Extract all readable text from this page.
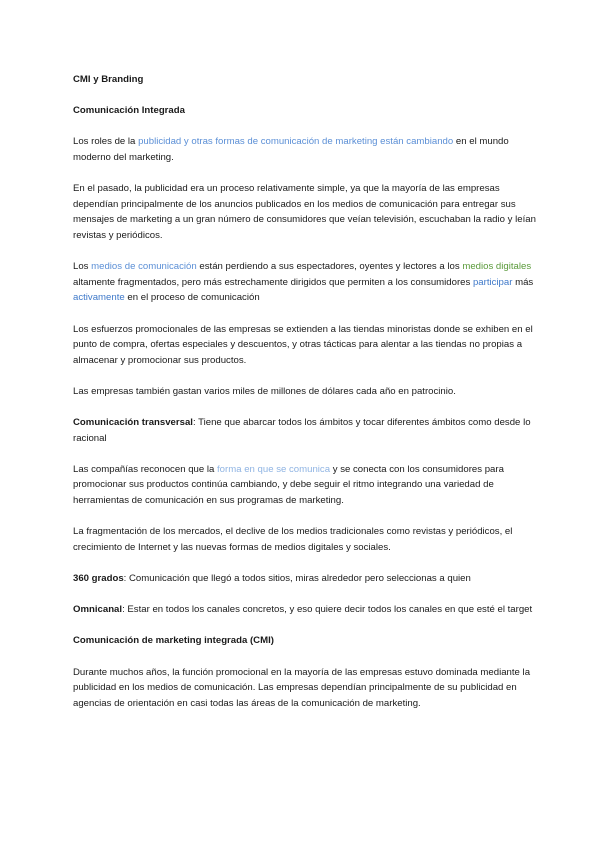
CMI y Branding

Comunicación Integrada

Los roles de la publicidad y otras formas de comunicación de marketing están cambiando en el mundo moderno del marketing.

En el pasado, la publicidad era un proceso relativamente simple, ya que la mayoría de las empresas dependían principalmente de los anuncios publicados en los medios de comunicación para entregar sus mensajes de marketing a un gran número de consumidores que veían televisión, escuchaban la radio y leían revistas y periódicos.

Los medios de comunicación están perdiendo a sus espectadores, oyentes y lectores a los medios digitales altamente fragmentados, pero más estrechamente dirigidos que permiten a los consumidores participar más activamente en el proceso de comunicación

Los esfuerzos promocionales de las empresas se extienden a las tiendas minoristas donde se exhiben en el punto de compra, ofertas especiales y descuentos, y otras tácticas para alentar a las tiendas no propias a almacenar y promocionar sus productos.

Las empresas también gastan varios miles de millones de dólares cada año en patrocinio.

Comunicación transversal: Tiene que abarcar todos los ámbitos y tocar diferentes ámbitos como desde lo racional

Las compañías reconocen que la forma en que se comunica y se conecta con los consumidores para promocionar sus productos continúa cambiando, y debe seguir el ritmo integrando una variedad de herramientas de comunicación en sus programas de marketing.

La fragmentación de los mercados, el declive de los medios tradicionales como revistas y periódicos, el crecimiento de Internet y las nuevas formas de medios digitales y sociales.

360 grados: Comunicación que llegó a todos sitios, miras alrededor pero seleccionas a quien

Omnicanal: Estar en todos los canales concretos, y eso quiere decir todos los canales en que esté el target

Comunicación de marketing integrada (CMI)

Durante muchos años, la función promocional en la mayoría de las empresas estuvo dominada mediante la publicidad en los medios de comunicación. Las empresas dependían principalmente de su publicidad en agencias de orientación en casi todas las áreas de la comunicación de marketing.
